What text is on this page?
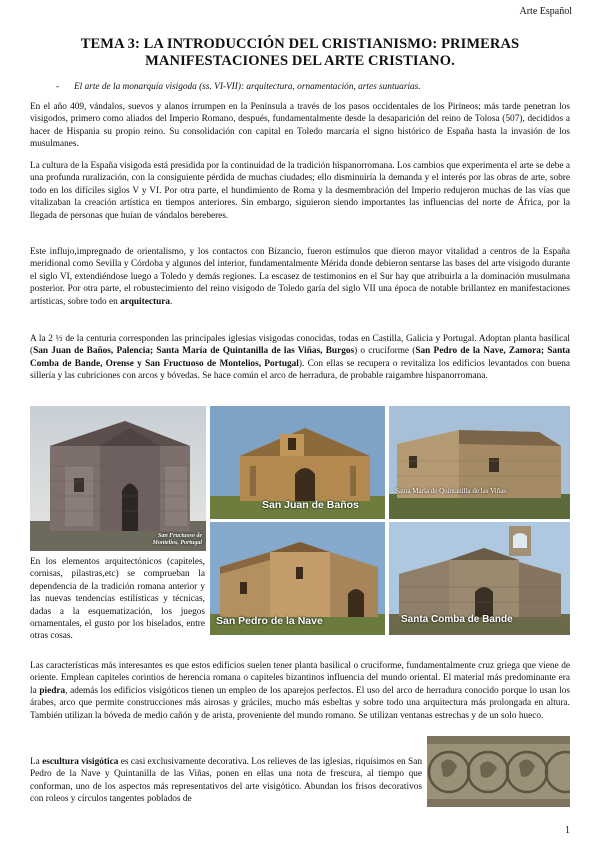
Arte Español
TEMA 3: LA INTRODUCCIÓN DEL CRISTIANISMO: PRIMERAS MANIFESTACIONES DEL ARTE CRISTIANO.
- El arte de la monarquía visigoda (ss. VI-VII): arquitectura, ornamentación, artes suntuarias.

En el año 409, vándalos, suevos y alanos irrumpen en la Península a través de los pasos occidentales de los Pirineos; más tarde penetran los visigodos, primero como aliados del Imperio Romano, después, fundamentalmente desde la desaparición del reino de Tolosa (507), decididos a hacer de Hispania su propio reino. Su consolidación con capital en Toledo marcaría el signo histórico de España hasta la invasión de los musulmanes.

La cultura de la España visigoda está presidida por la continuidad de la tradición hispanorromana. Los cambios que experimenta el arte se debe a una profunda ruralización, con la consiguiente pérdida de muchas ciudades; ello disminuiría la demanda y el interés por las obras de arte, sobre todo en los difíciles siglos V y VI. Por otra parte, el hundimiento de Roma y la desmembración del Imperio redujeron muchas de las vías que vitalizaban la creación artística en tiempos anteriores. Sin embargo, siguieron siendo importantes las influencias del norte de África, por la llegada de personas que huían de vándalos bereberes.

Este influjo,impregnado de orientalismo, y los contactos con Bizancio, fueron estímulos que dieron mayor vitalidad a centros de la España meridional como Sevilla y Córdoba y algunos del interior, fundamentalmente Mérida donde debieron sentarse las bases del arte visigodo durante el siglo VI, extendiéndose luego a Toledo y demás regiones. La escasez de testimonios en el Sur hay que atribuirla a la dominación musulmana posterior. Por otra parte, el robustecimiento del reino visigodo de Toledo garía del siglo VII una época de notable brillantez en manifestaciones artísticas, sobre todo en arquitectura.

A la 2 ½ de la centuria corresponden las principales iglesias visigodas conocidas, todas en Castilla, Galicia y Portugal. Adoptan planta basilical (San Juan de Baños, Palencia; Santa María de Quintanilla de las Viñas, Burgos) o cruciforme (San Pedro de la Nave, Zamora; Santa Comba de Bande, Orense y San Fructuoso de Montelios, Portugal). Con ellas se recupera o revitaliza los edificios levantados con buena sillería y las cubriciones con arcos y bóvedas. Se hace común el arco de herradura, de probable raigambre hispanorromana.

San Fructuoso de Montelios, Portugal
San Juan de Baños
Santa María de Quintanilla de las Viñas
San Pedro de la Nave	Santa Comba de Bande

En los elementos arquitectónicos (capiteles, cornisas, pilastras,etc) se comprueban la dependencia de la tradición romana anterior y las nuevas tendencias estilísticas y técnicas, dadas a la esquematización, los juegos ornamentales, el gusto por los biselados, entre otras cosas.

Las características más interesantes es que estos edificios suelen tener planta basilical o cruciforme, fundamentalmente cruz griega que viene de oriente. Emplean capiteles corintios de herencia romana o capiteles bizantinos influencia del mundo oriental. El material más predominante era la piedra, además los edificios visigóticos tienen un empleo de los aparejos perfectos. El uso del arco de herradura conocido porque lo usan los árabes, arco que permite construcciones más airosas y gráciles, mucho más esbeltas y sobre todo una arquitectura más prolongada en altura. También utilizan la bóveda de medio cañón y de arista, proveniente del mundo romano. Se utilizan ventanas estrechas y de un solo hueco.

La escultura visigótica es casi exclusivamente decorativa. Los relieves de las iglesias, riquísimos en San Pedro de la Nave y Quintanilla de las Viñas, ponen en ellas una nota de frescura, al tiempo que conforman, uno de los aspectos más representativos del arte visigótico. Abundan los frisos decorativos con roleos y círculos tangentes poblados de

1
